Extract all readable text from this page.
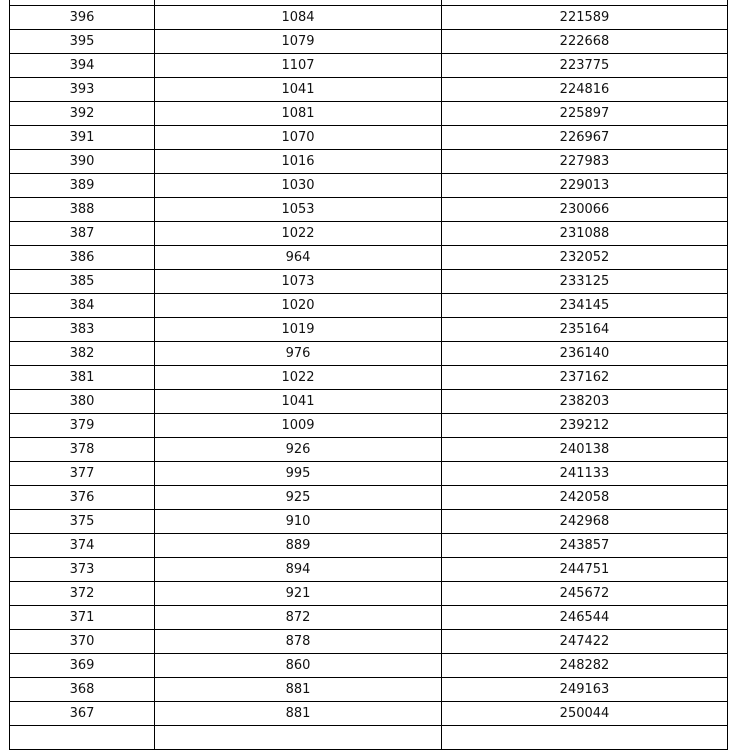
396	1084	221589
395	1079	222668
394	1107	223775
393	1041	224816
392	1081	225897
391	1070	226967
390	1016	227983
389	1030	229013
388	1053	230066
387	1022	231088
386	964	232052
385	1073	233125
384	1020	234145
383	1019	235164
382	976	236140
381	1022	237162
380	1041	238203
379	1009	239212
378	926	240138
377	995	241133
376	925	242058
375	910	242968
374	889	243857
373	894	244751
372	921	245672
371	872	246544
370	878	247422
369	860	248282
368	881	249163
367	881	250044
